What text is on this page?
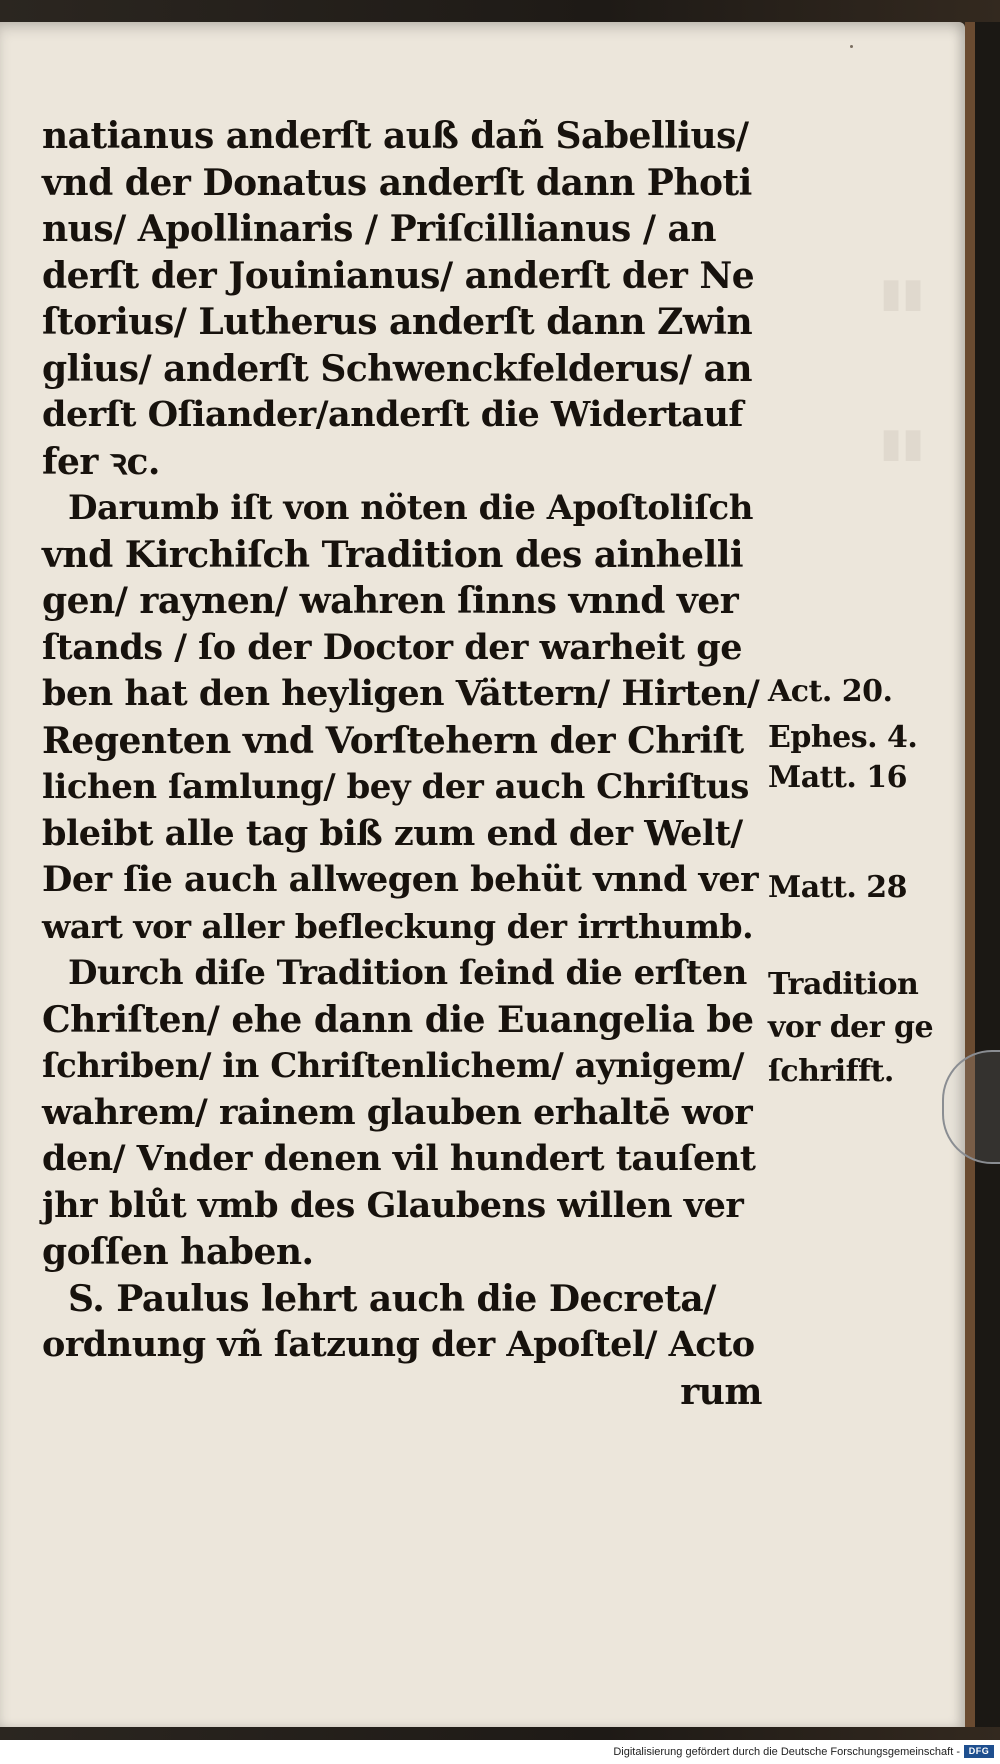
▮▮
▮▮
natianus anderſt auß dañ Sabellius/
vnd der Donatus anderſt dann Photi
nus/ Apollinaris / Priſcillianus / an
derſt der Jouinianus/ anderſt der Ne
ſtorius/ Lutherus anderſt dann Zwin
glius/ anderſt Schwenckfelderus/ an
derſt Oſiander/anderſt die Widertauf
fer ꝛc.
Darumb iſt von nöten die Apoſtoliſch
vnd Kirchiſch Tradition des ainhelli
gen/ raynen/ wahren ſinns vnnd ver
ſtands / ſo der Doctor der warheit ge
ben hat den heyligen Vättern/ Hirten/
Regenten vnd Vorſtehern der Chriſt
lichen ſamlung/ bey der auch Chriſtus
bleibt alle tag biß zum end der Welt/
Der ſie auch allwegen behüt vnnd ver
wart vor aller befleckung der irrthumb.
Durch diſe Tradition ſeind die erſten
Chriſten/ ehe dann die Euangelia be
ſchriben/ in Chriſtenlichem/ aynigem/
wahrem/ rainem glauben erhaltē wor
den/ Vnder denen vil hundert tauſent
jhr blůt vmb des Glaubens willen ver
goſſen haben.
S. Paulus lehrt auch die Decreta/
ordnung vñ ſatzung der Apoſtel/ Acto
rum
Act. 20.
Ephes. 4.
Matt. 16
Matt. 28
Tradition
vor der ge
ſchrifft.
Digitalisierung gefördert durch die Deutsche Forschungsgemeinschaft - DFG
